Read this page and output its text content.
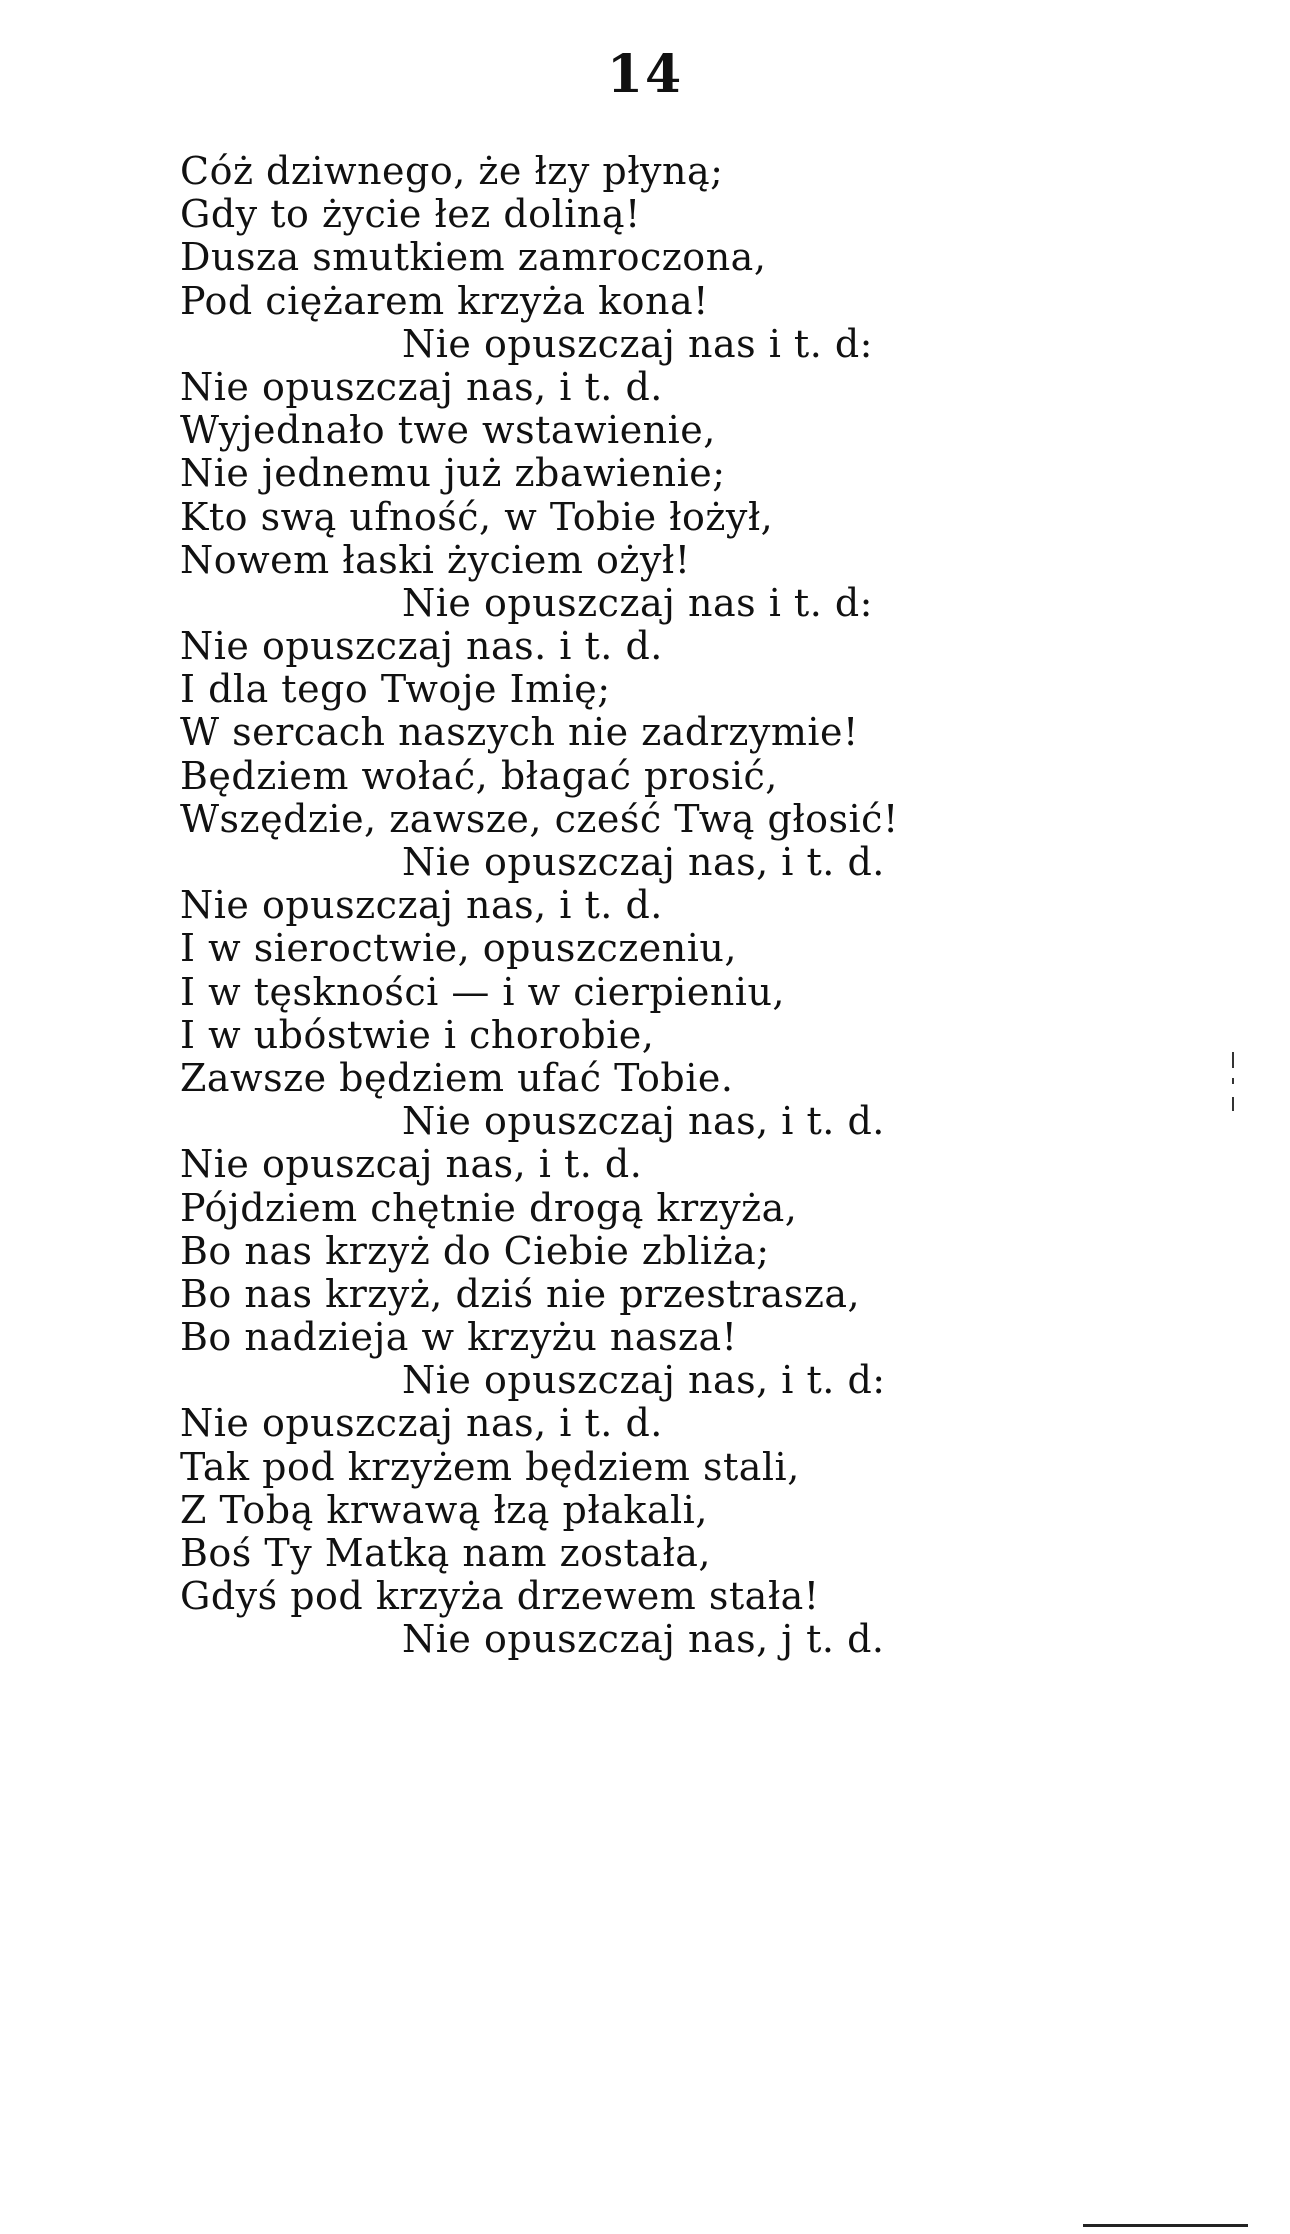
14
Cóż dziwnego, że łzy płyną;
Gdy to życie łez doliną!
Dusza smutkiem zamroczona,
Pod ciężarem krzyża kona!
Nie opuszczaj nas i t. d:
Nie opuszczaj nas, i t. d.
Wyjednało twe wstawienie,
Nie jednemu już zbawienie;
Kto swą ufność, w Tobie łożył,
Nowem łaski życiem ożył!
Nie opuszczaj nas i t. d:
Nie opuszczaj nas. i t. d.
I dla tego Twoje Imię;
W sercach naszych nie zadrzymie!
Będziem wołać, błagać prosić,
Wszędzie, zawsze, cześć Twą głosić!
Nie opuszczaj nas, i t. d.
Nie opuszczaj nas, i t. d.
I w sieroctwie, opuszczeniu,
I w tęskności — i w cierpieniu,
I w ubóstwie i chorobie,
Zawsze będziem ufać Tobie.
Nie opuszczaj nas, i t. d.
Nie opuszcaj nas, i t. d.
Pójdziem chętnie drogą krzyża,
Bo nas krzyż do Ciebie zbliża;
Bo nas krzyż, dziś nie przestrasza,
Bo nadzieja w krzyżu nasza!
Nie opuszczaj nas, i t. d:
Nie opuszczaj nas, i t. d.
Tak pod krzyżem będziem stali,
Z Tobą krwawą łzą płakali,
Boś Ty Matką nam została,
Gdyś pod krzyża drzewem stała!
Nie opuszczaj nas, j t. d.
